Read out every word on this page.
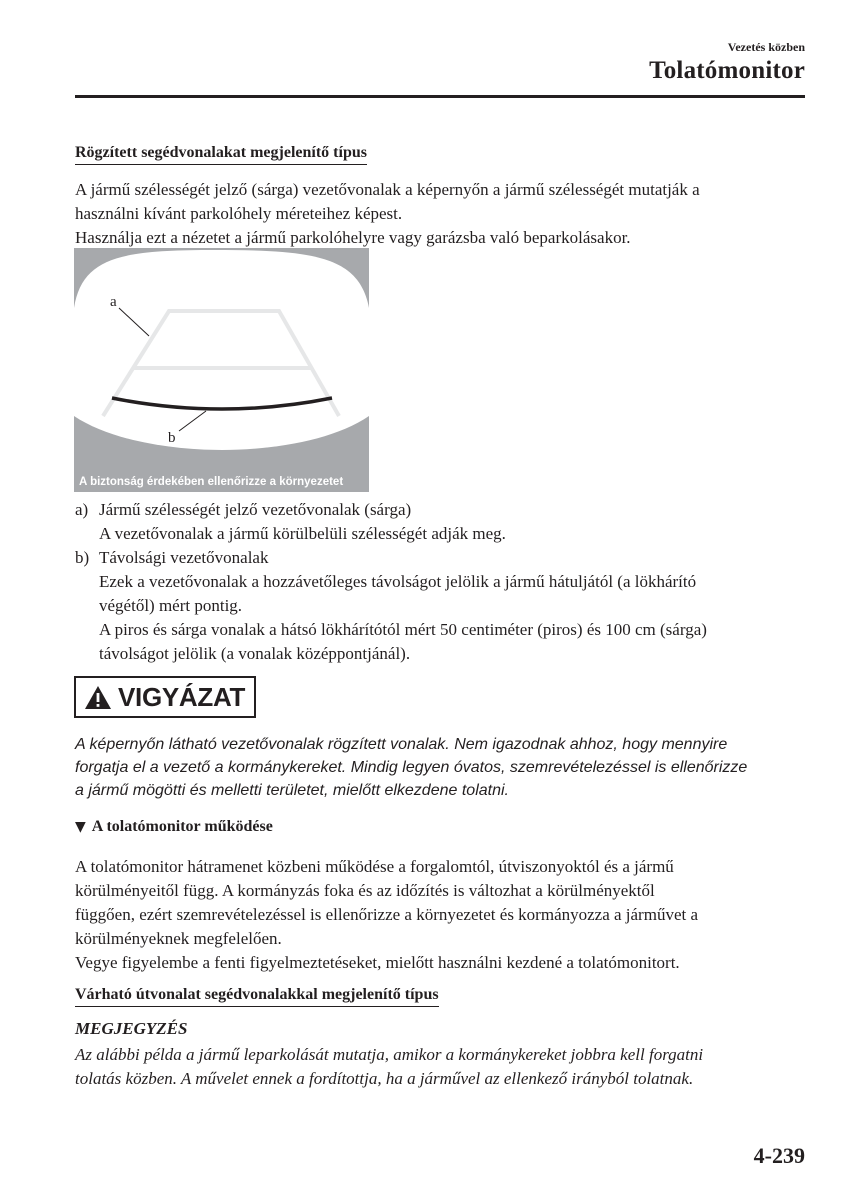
Vezetés közben
Tolatómonitor
Rögzített segédvonalakat megjelenítő típus

A jármű szélességét jelző (sárga) vezetővonalak a képernyőn a jármű szélességét mutatják a

használni kívánt parkolóhely méreteihez képest.

Használja ezt a nézetet a jármű parkolóhelyre vagy garázsba való beparkolásakor.

a
b
A biztonság érdekében ellenőrizze a környezetet
a) Jármű szélességét jelző vezetővonalak (sárga)
A vezetővonalak a jármű körülbelüli szélességét adják meg.
b) Távolsági vezetővonalak
Ezek a vezetővonalak a hozzávetőleges távolságot jelölik a jármű hátuljától (a lökhárító
végétől) mért pontig.
A piros és sárga vonalak a hátsó lökhárítótól mért 50 centiméter (piros) és 100 cm (sárga)
távolságot jelölik (a vonalak középpontjánál).
VIGYÁZAT
A képernyőn látható vezetővonalak rögzített vonalak. Nem igazodnak ahhoz, hogy mennyire
forgatja el a vezető a kormánykereket. Mindig legyen óvatos, szemrevételezéssel is ellenőrizze
a jármű mögötti és melletti területet, mielőtt elkezdene tolatni.
▼ A tolatómonitor működése

A tolatómonitor hátramenet közbeni működése a forgalomtól, útviszonyoktól és a jármű

körülményeitől függ. A kormányzás foka és az időzítés is változhat a körülményektől

függően, ezért szemrevételezéssel is ellenőrizze a környezetet és kormányozza a járművet a

körülményeknek megfelelően.

Vegye figyelembe a fenti figyelmeztetéseket, mielőtt használni kezdené a tolatómonitort.

Várható útvonalat segédvonalakkal megjelenítő típus
MEGJEGYZÉS
Az alábbi példa a jármű leparkolását mutatja, amikor a kormánykereket jobbra kell forgatni
tolatás közben. A művelet ennek a fordítottja, ha a járművel az ellenkező irányból tolatnak.
4-239
